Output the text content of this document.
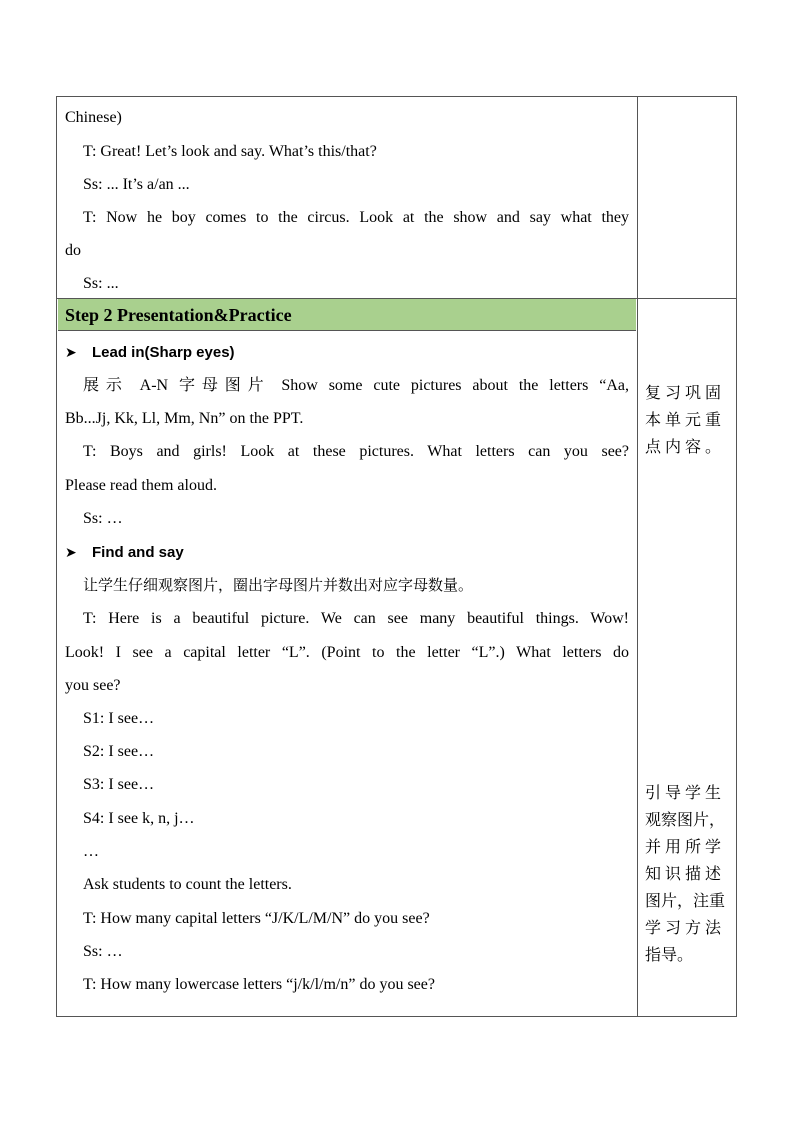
Chinese)
T: Great! Let’s look and say. What’s this/that?
Ss: ... It’s a/an ...
T: Now he boy comes to the circus. Look at the show and say what they
do
Ss: ...
Step 2 Presentation&Practice
➤ Lead in(Sharp eyes)
展示 A-N 字母图片 Show some cute pictures about the letters “Aa,
Bb...Jj, Kk, Ll, Mm, Nn” on the PPT.
T: Boys and girls! Look at these pictures. What letters can you see?
Please read them aloud.
Ss: …
➤ Find and say
让学生仔细观察图片，圈出字母图片并数出对应字母数量。
T: Here is a beautiful picture. We can see many beautiful things. Wow!
Look! I see a capital letter “L”. (Point to the letter “L”.) What letters do
you see?
S1: I see…
S2: I see…
S3: I see…
S4: I see k, n, j…
…
Ask students to count the letters.
T: How many capital letters “J/K/L/M/N” do you see?
Ss: …
T: How many lowercase letters “j/k/l/m/n” do you see?
复习巩固
本单元重
点内容。
引导学生
观察图片，
并用所学
知识描述
图片，注重
学习方法
指导。
